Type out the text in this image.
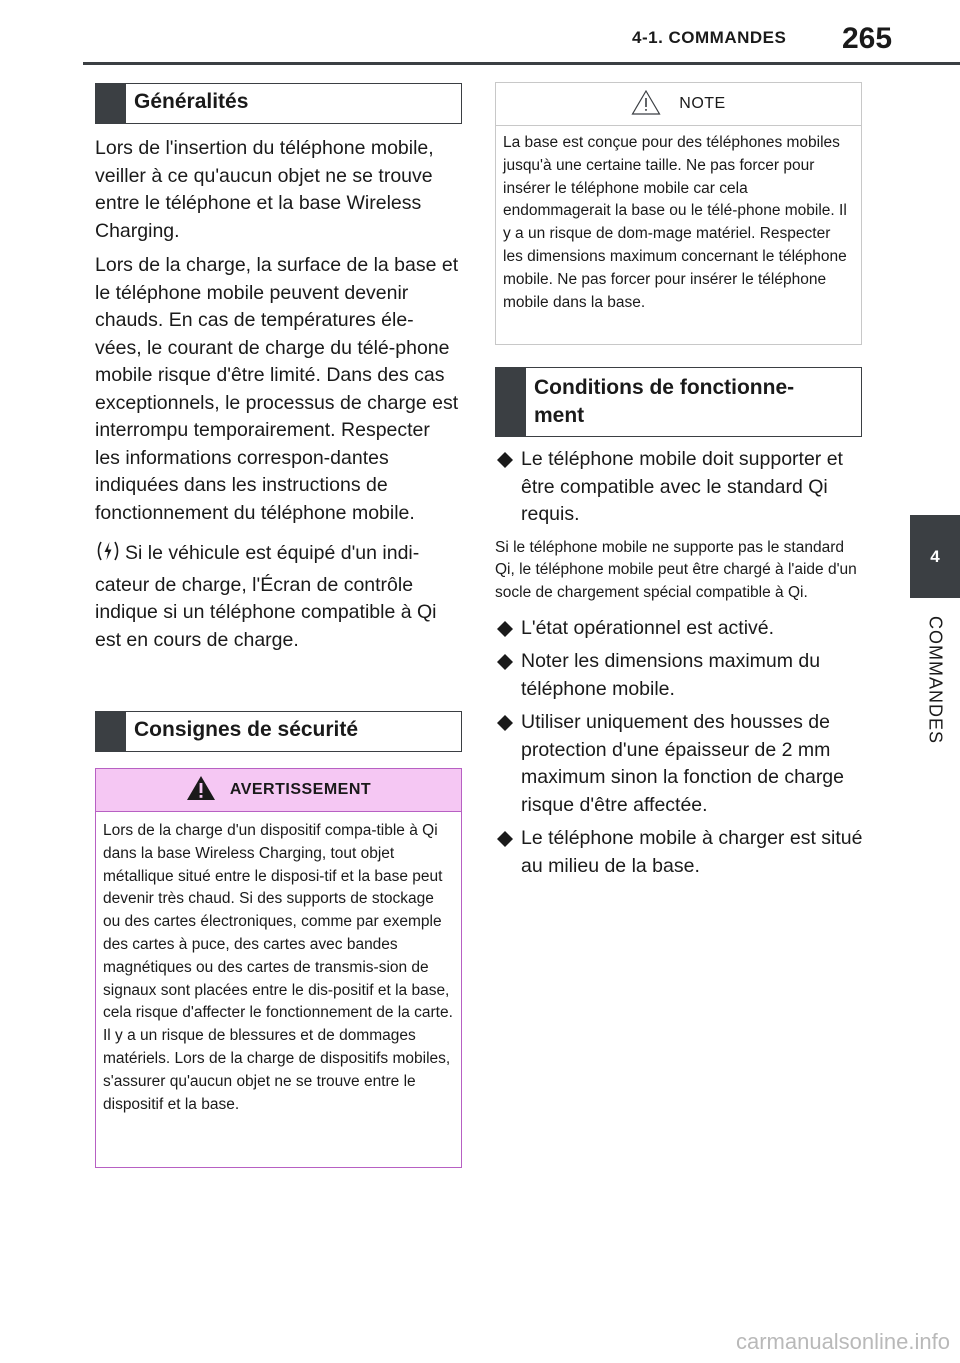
4-1. COMMANDES 265
4
COMMANDES
Généralités

Lors de l'insertion du téléphone mobile, veiller à ce qu'aucun objet ne se trouve entre le téléphone et la base Wireless Charging.

Lors de la charge, la surface de la base et le téléphone mobile peuvent devenir chauds. En cas de températures éle-vées, le courant de charge du télé-phone mobile risque d'être limité. Dans des cas exceptionnels, le processus de charge est interrompu temporairement. Respecter les informations correspon-dantes indiquées dans les instructions de fonctionnement du téléphone mobile.

Si le véhicule est équipé d'un indi-cateur de charge, l'Écran de contrôle indique si un téléphone compatible à Qi est en cours de charge.

Consignes de sécurité
AVERTISSEMENT
Lors de la charge d'un dispositif compa-tible à Qi dans la base Wireless Charging, tout objet métallique situé entre le disposi-tif et la base peut devenir très chaud. Si des supports de stockage ou des cartes électroniques, comme par exemple des cartes à puce, des cartes avec bandes magnétiques ou des cartes de transmis-sion de signaux sont placées entre le dis-positif et la base, cela risque d'affecter le fonctionnement de la carte. Il y a un risque de blessures et de dommages matériels. Lors de la charge de dispositifs mobiles, s'assurer qu'aucun objet ne se trouve entre le dispositif et la base.
NOTE
La base est conçue pour des téléphones mobiles jusqu'à une certaine taille. Ne pas forcer pour insérer le téléphone mobile car cela endommagerait la base ou le télé-phone mobile. Il y a un risque de dom-mage matériel. Respecter les dimensions maximum concernant le téléphone mobile. Ne pas forcer pour insérer le téléphone mobile dans la base.
Conditions de fonctionne-
ment
Le téléphone mobile doit supporter et être compatible avec le standard Qi requis.
Si le téléphone mobile ne supporte pas le standard Qi, le téléphone mobile peut être chargé à l'aide d'un socle de chargement spécial compatible à Qi.
L'état opérationnel est activé.
Noter les dimensions maximum du téléphone mobile.
Utiliser uniquement des housses de protection d'une épaisseur de 2 mm maximum sinon la fonction de charge risque d'être affectée.
Le téléphone mobile à charger est situé au milieu de la base.
carmanualsonline.info
